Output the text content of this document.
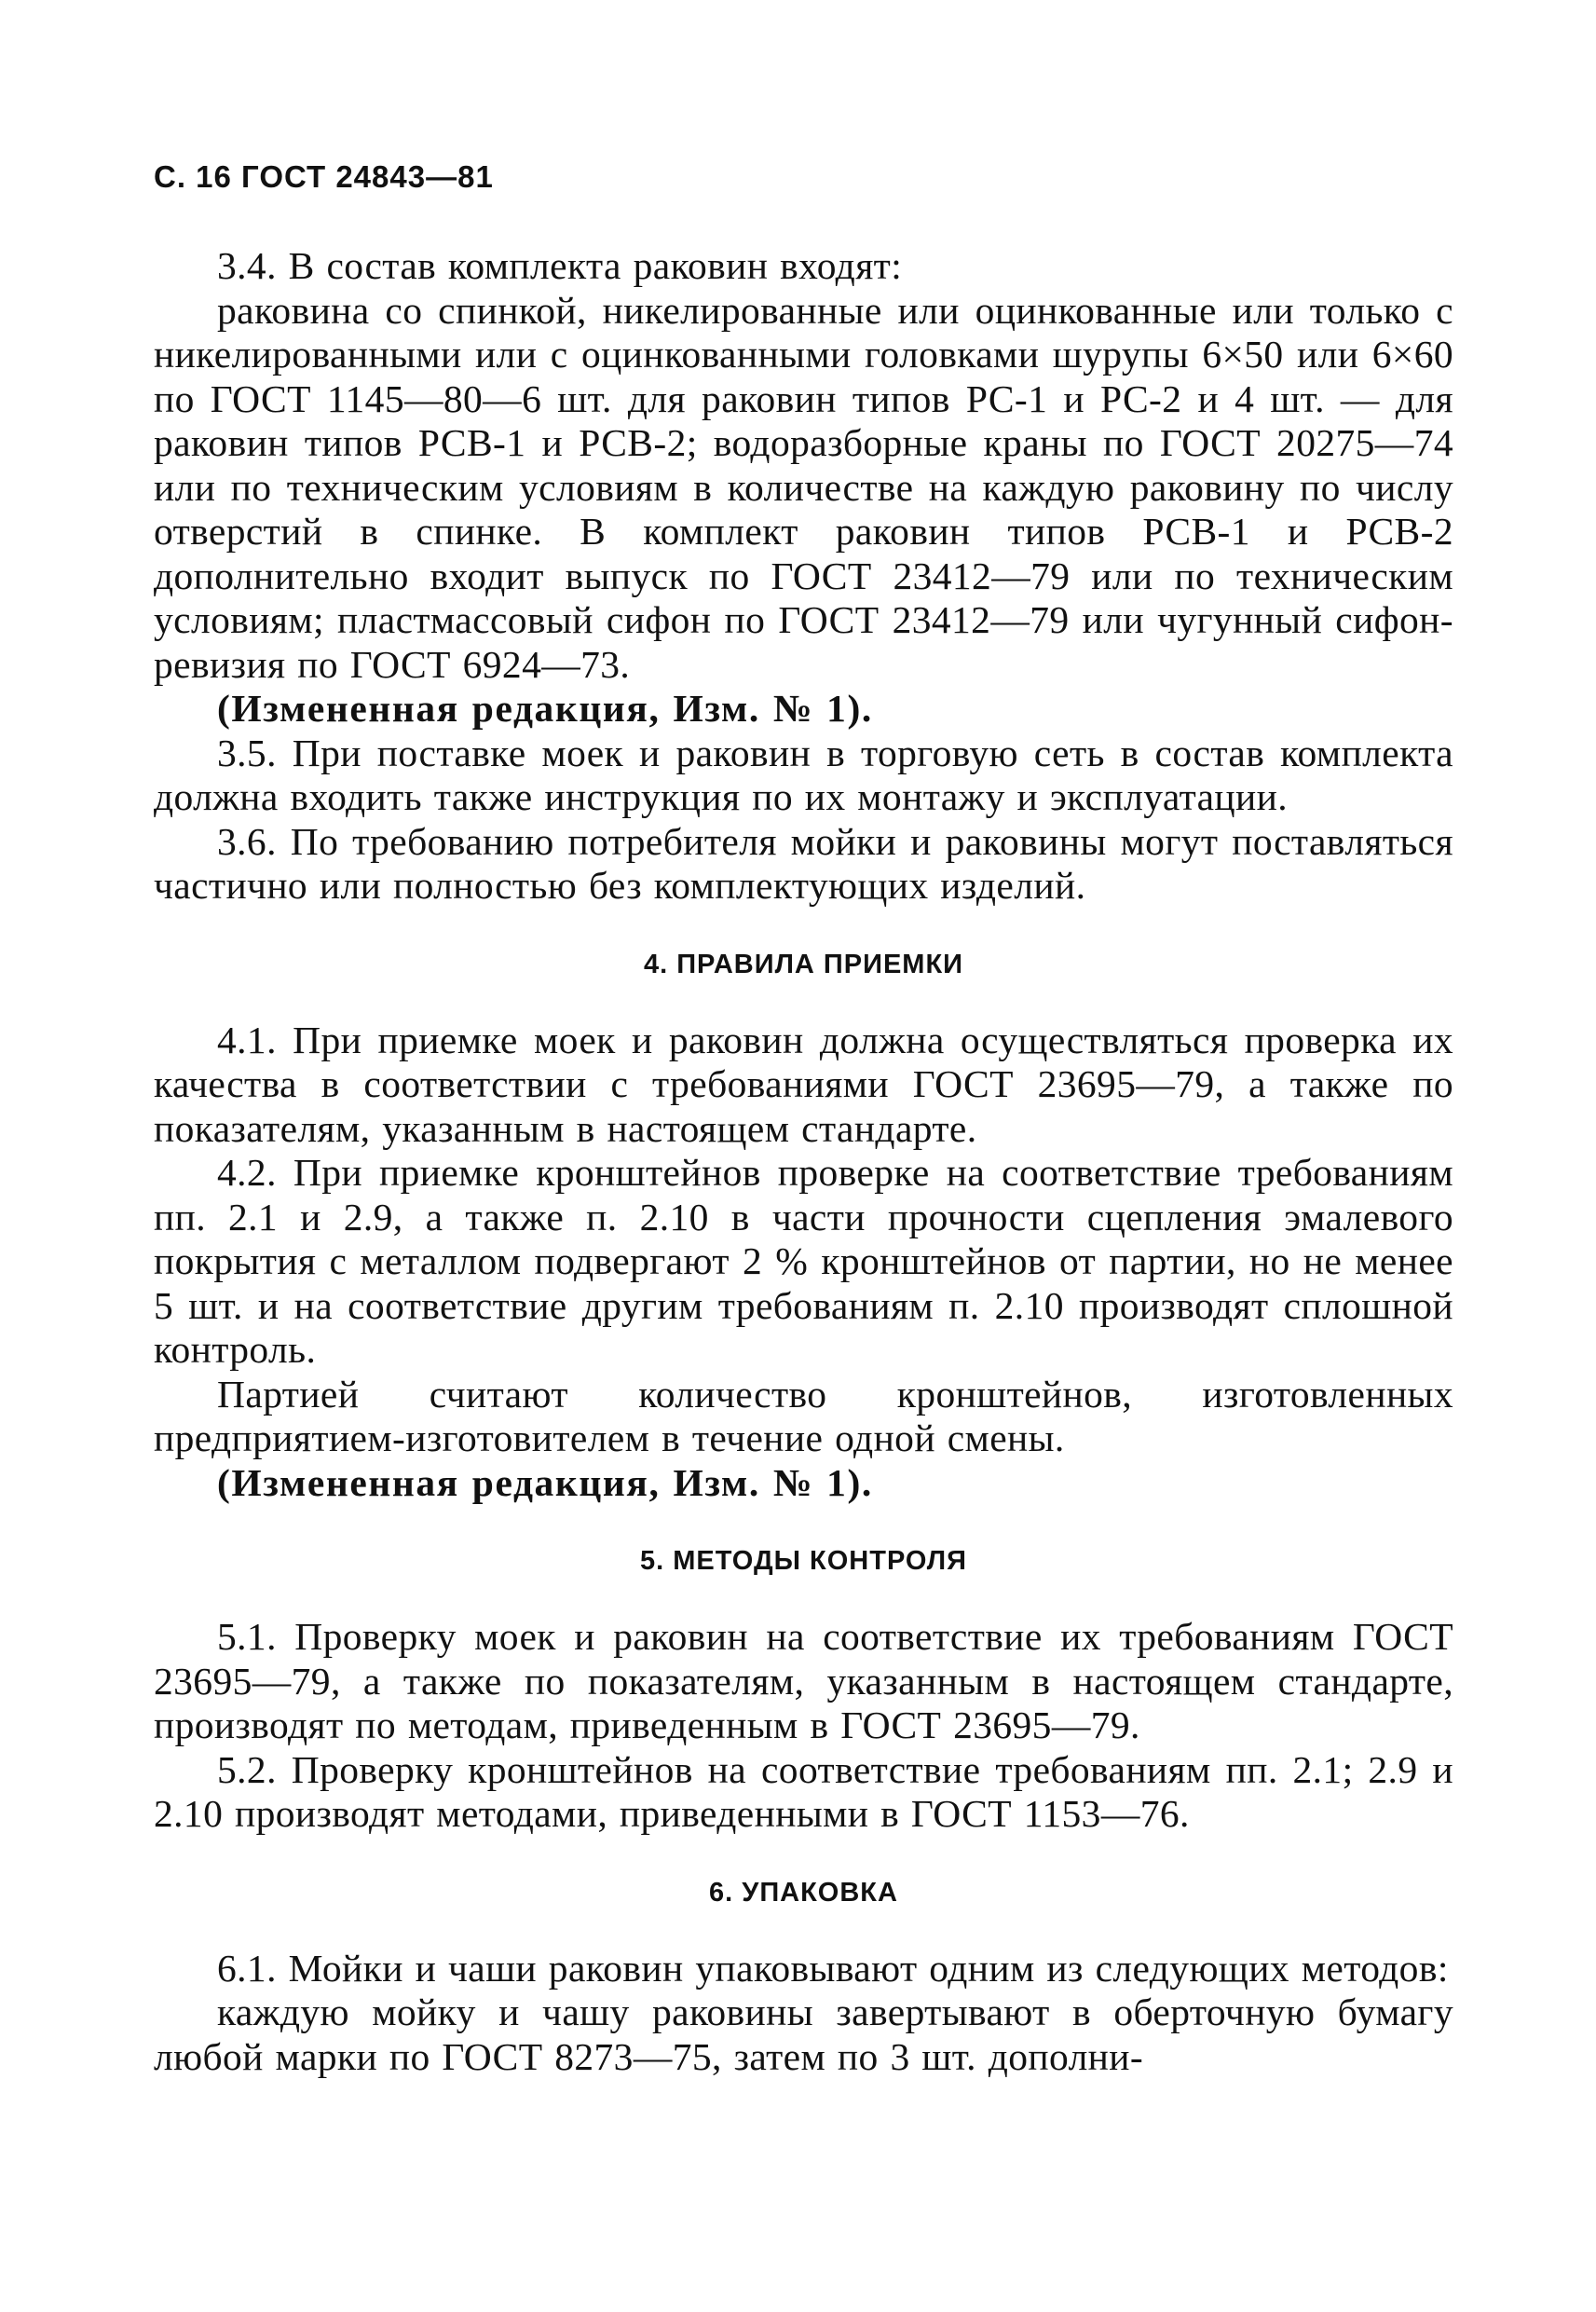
С. 16 ГОСТ 24843—81

3.4. В состав комплекта раковин входят:

раковина со спинкой, никелированные или оцинкованные или только с никелированными или с оцинкованными головками шурупы 6×50 или 6×60 по ГОСТ 1145—80—6 шт. для раковин типов РС-1 и РС-2 и 4 шт. — для раковин типов РСВ-1 и РСВ-2; водоразборные краны по ГОСТ 20275—74 или по техническим условиям в количестве на каждую раковину по числу отверстий в спинке. В комплект раковин типов РСВ-1 и РСВ-2 дополнительно входит выпуск по ГОСТ 23412—79 или по техническим условиям; пластмассовый сифон по ГОСТ 23412—79 или чугунный сифон-ревизия по ГОСТ 6924—73.

(Измененная редакция, Изм. № 1).

3.5. При поставке моек и раковин в торговую сеть в состав комплекта должна входить также инструкция по их монтажу и эксплуатации.

3.6. По требованию потребителя мойки и раковины могут поставляться частично или полностью без комплектующих изделий.

4. ПРАВИЛА ПРИЕМКИ

4.1. При приемке моек и раковин должна осуществляться проверка их качества в соответствии с требованиями ГОСТ 23695—79, а также по показателям, указанным в настоящем стандарте.

4.2. При приемке кронштейнов проверке на соответствие требованиям пп. 2.1 и 2.9, а также п. 2.10 в части прочности сцепления эмалевого покрытия с металлом подвергают 2 % кронштейнов от партии, но не менее 5 шт. и на соответствие другим требованиям п. 2.10 производят сплошной контроль.

Партией считают количество кронштейнов, изготовленных предприятием-изготовителем в течение одной смены.

(Измененная редакция, Изм. № 1).

5. МЕТОДЫ КОНТРОЛЯ

5.1. Проверку моек и раковин на соответствие их требованиям ГОСТ 23695—79, а также по показателям, указанным в настоящем стандарте, производят по методам, приведенным в ГОСТ 23695—79.

5.2. Проверку кронштейнов на соответствие требованиям пп. 2.1; 2.9 и 2.10 производят методами, приведенными в ГОСТ 1153—76.

6. УПАКОВКА

6.1. Мойки и чаши раковин упаковывают одним из следующих методов:

каждую мойку и чашу раковины завертывают в оберточную бумагу любой марки по ГОСТ 8273—75, затем по 3 шт. дополни-
